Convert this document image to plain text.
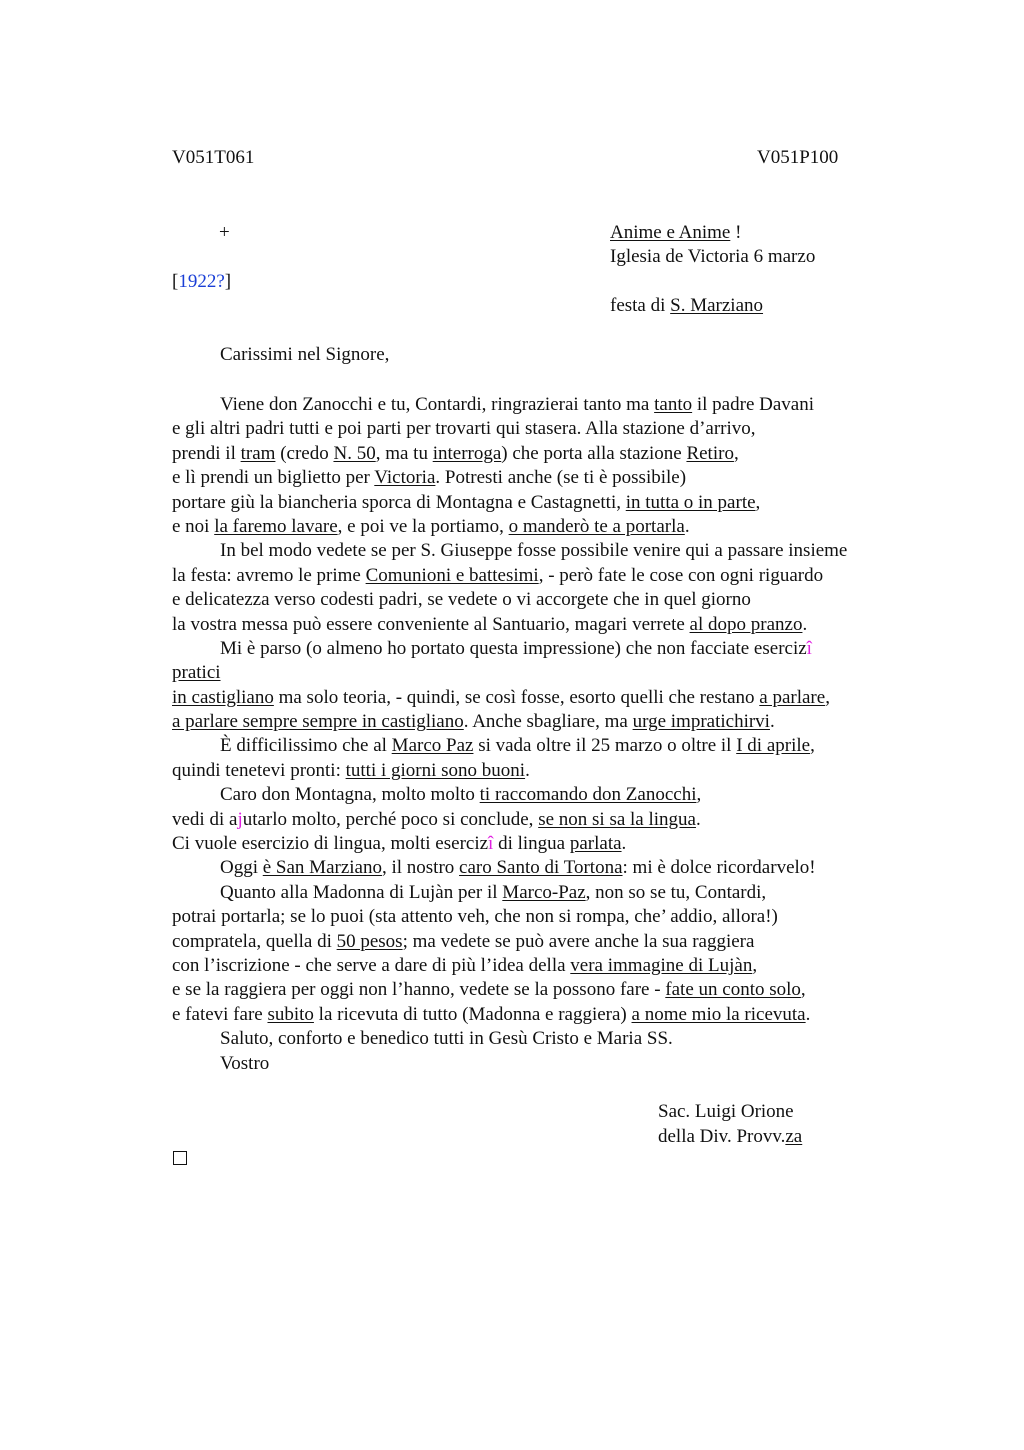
V051T061	V051P100
+	Anime e Anime !
Iglesia de Victoria 6 marzo
[1922?]
festa di S. Marziano
Carissimi nel Signore,
Viene don Zanocchi e tu, Contardi, ringrazierai tanto ma tanto il padre Davani
e gli altri padri tutti e poi parti per trovarti qui stasera. Alla stazione d’arrivo,
prendi il tram (credo N. 50, ma tu interroga) che porta alla stazione Retiro,
e lì prendi un biglietto per Victoria. Potresti anche (se ti è possibile)
portare giù la biancheria sporca di Montagna e Castagnetti, in tutta o in parte,
e noi la faremo lavare, e poi ve la portiamo, o manderò te a portarla.
In bel modo vedete se per S. Giuseppe fosse possibile venire qui a passare insieme
la festa: avremo le prime Comunioni e battesimi, - però fate le cose con ogni riguardo
e delicatezza verso codesti padri, se vedete o vi accorgete che in quel giorno
la vostra messa può essere conveniente al Santuario, magari verrete al dopo pranzo.
Mi è parso (o almeno ho portato questa impressione) che non facciate esercizî
pratici
in castigliano ma solo teoria, - quindi, se così fosse, esorto quelli che restano a parlare,
a parlare sempre sempre in castigliano. Anche sbagliare, ma urge impratichirvi.
È difficilissimo che al Marco Paz si vada oltre il 25 marzo o oltre il I di aprile,
quindi tenetevi pronti: tutti i giorni sono buoni.
Caro don Montagna, molto molto ti raccomando don Zanocchi,
vedi di ajutarlo molto, perché poco si conclude, se non si sa la lingua.
Ci vuole esercizio di lingua, molti esercizî di lingua parlata.
Oggi è San Marziano, il nostro caro Santo di Tortona: mi è dolce ricordarvelo!
Quanto alla Madonna di Lujàn per il Marco-Paz, non so se tu, Contardi,
potrai portarla; se lo puoi (sta attento veh, che non si rompa, che’ addio, allora!)
compratela, quella di 50 pesos; ma vedete se può avere anche la sua raggiera
con l’iscrizione - che serve a dare di più l’idea della vera immagine di Lujàn,
e se la raggiera per oggi non l’hanno, vedete se la possono fare - fate un conto solo,
e fatevi fare subito la ricevuta di tutto (Madonna e raggiera) a nome mio la ricevuta.
Saluto, conforto e benedico tutti in Gesù Cristo e Maria SS.
Vostro
Sac. Luigi Orione
della Div. Provv.za
